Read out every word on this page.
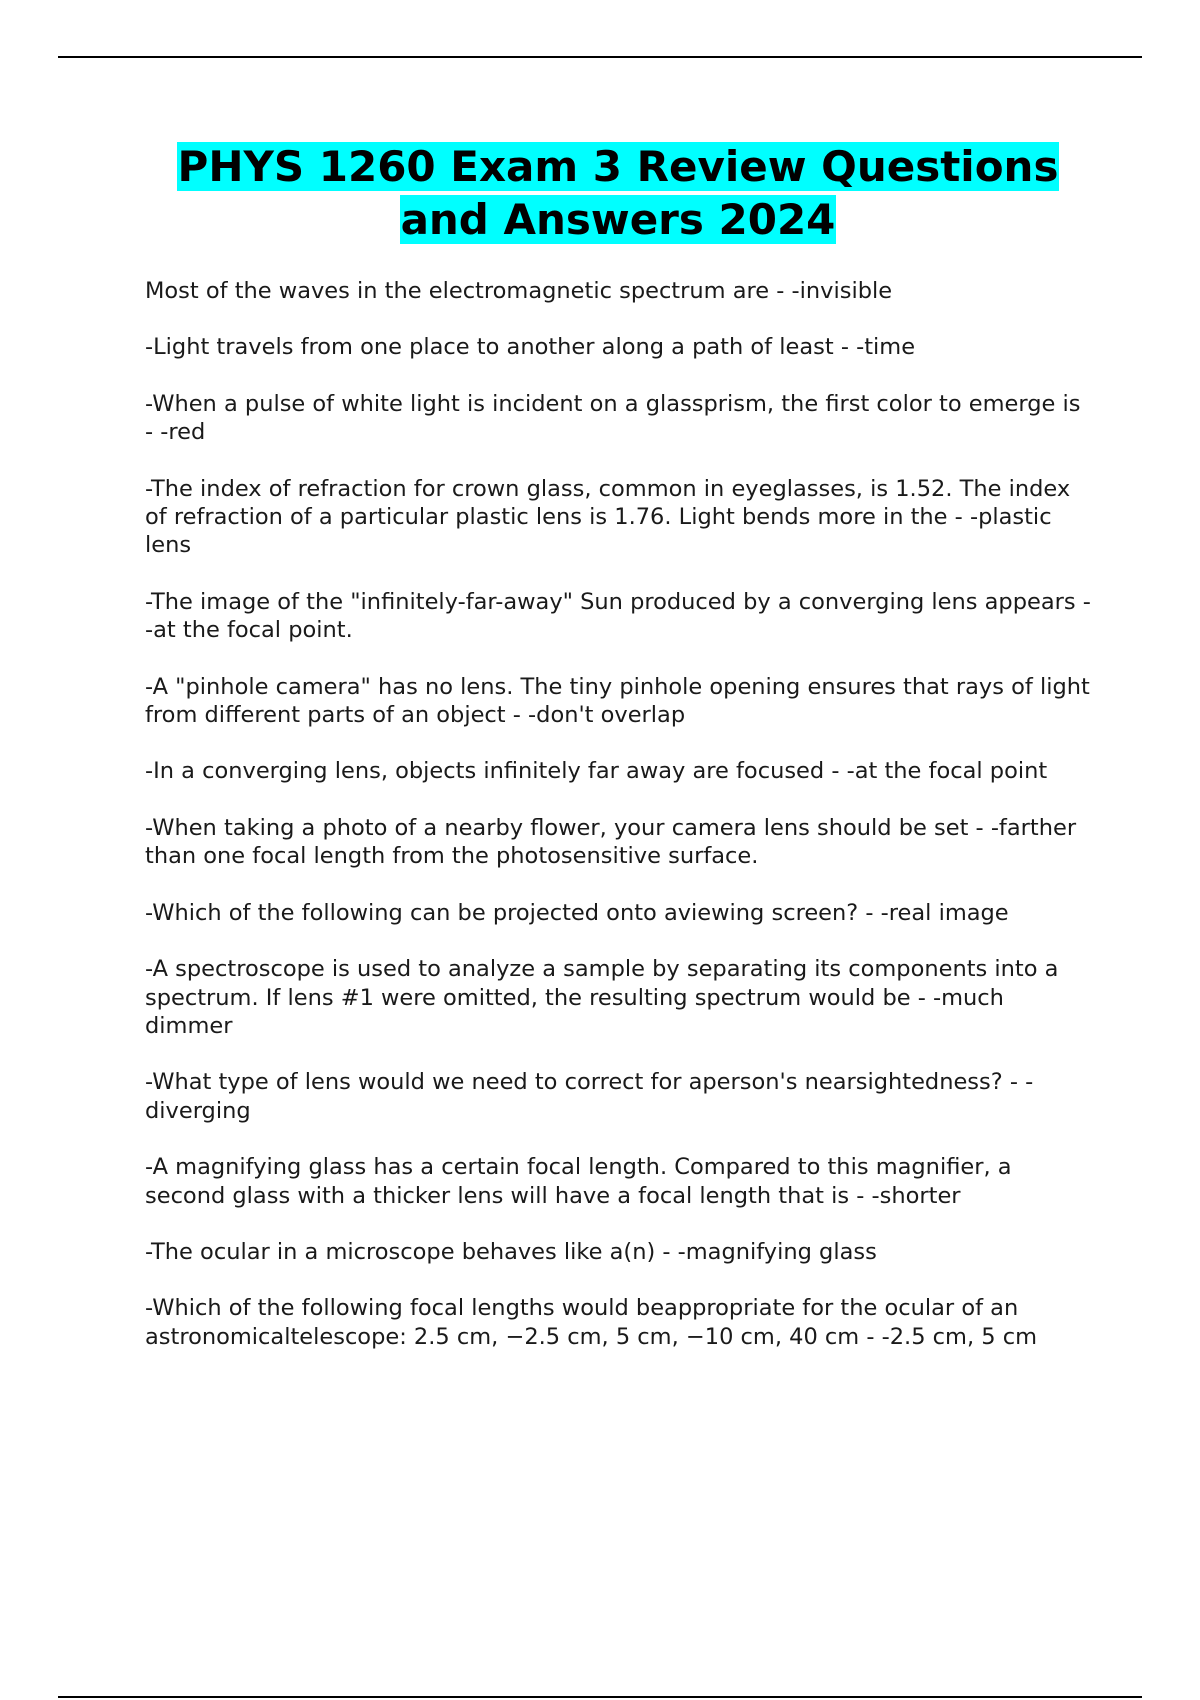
PHYS 1260 Exam 3 Review Questions and Answers 2024
Most of the waves in the electromagnetic spectrum are - -invisible
-Light travels from one place to another along a path of least - -time
-When a pulse of white light is incident on a glassprism, the first color to emerge is - -red
-The index of refraction for crown glass, common in eyeglasses, is 1.52. The index of refraction of a particular plastic lens is 1.76. Light bends more in the - -plastic lens
-The image of the "infinitely-far-away" Sun produced by a converging lens appears - -at the focal point.
-A "pinhole camera" has no lens. The tiny pinhole opening ensures that rays of light from different parts of an object - -don't overlap
-In a converging lens, objects infinitely far away are focused - -at the focal point
-When taking a photo of a nearby flower, your camera lens should be set - -farther than one focal length from the photosensitive surface.
-Which of the following can be projected onto aviewing screen? - -real image
-A spectroscope is used to analyze a sample by separating its components into a spectrum. If lens #1 were omitted, the resulting spectrum would be - -much dimmer
-What type of lens would we need to correct for aperson's nearsightedness? - -diverging
-A magnifying glass has a certain focal length. Compared to this magnifier, a second glass with a thicker lens will have a focal length that is - -shorter
-The ocular in a microscope behaves like a(n) - -magnifying glass
-Which of the following focal lengths would beappropriate for the ocular of an astronomicaltelescope: 2.5 cm, −2.5 cm, 5 cm, −10 cm, 40 cm - -2.5 cm, 5 cm
